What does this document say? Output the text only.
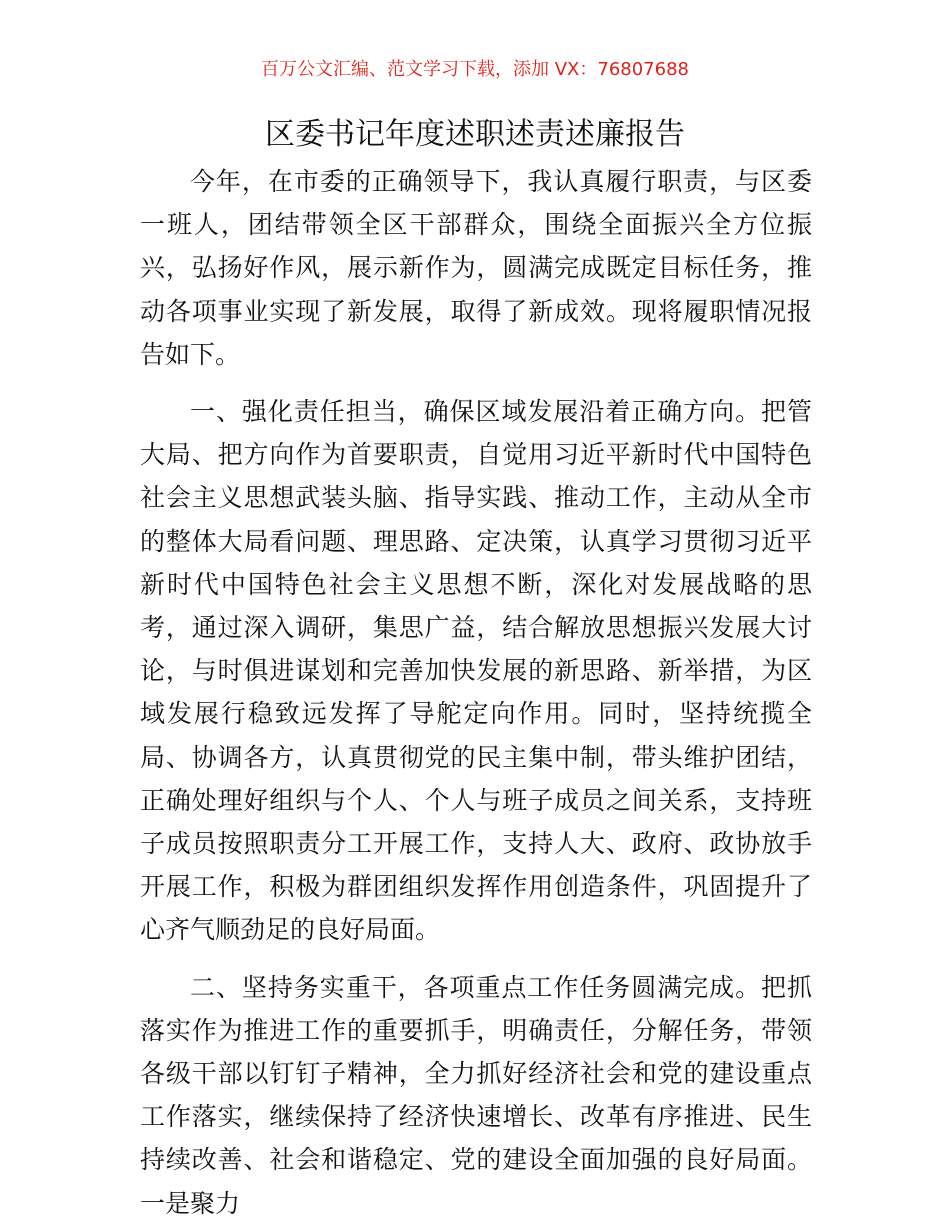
百万公文汇编、范文学习下载，添加 VX：76807688
区委书记年度述职述责述廉报告

今年，在市委的正确领导下，我认真履行职责，与区委一班人，团结带领全区干部群众，围绕全面振兴全方位振兴，弘扬好作风，展示新作为，圆满完成既定目标任务，推动各项事业实现了新发展，取得了新成效。现将履职情况报告如下。

一、强化责任担当，确保区域发展沿着正确方向。把管大局、把方向作为首要职责，自觉用习近平新时代中国特色社会主义思想武装头脑、指导实践、推动工作，主动从全市的整体大局看问题、理思路、定决策，认真学习贯彻习近平新时代中国特色社会主义思想不断，深化对发展战略的思考，通过深入调研，集思广益，结合解放思想振兴发展大讨论，与时俱进谋划和完善加快发展的新思路、新举措，为区域发展行稳致远发挥了导舵定向作用。同时，坚持统揽全局、协调各方，认真贯彻党的民主集中制，带头维护团结，正确处理好组织与个人、个人与班子成员之间关系，支持班子成员按照职责分工开展工作，支持人大、政府、政协放手开展工作，积极为群团组织发挥作用创造条件，巩固提升了心齐气顺劲足的良好局面。

二、坚持务实重干，各项重点工作任务圆满完成。把抓落实作为推进工作的重要抓手，明确责任，分解任务，带领各级干部以钉钉子精神，全力抓好经济社会和党的建设重点工作落实，继续保持了经济快速增长、改革有序推进、民生持续改善、社会和谐稳定、党的建设全面加强的良好局面。一是聚力
